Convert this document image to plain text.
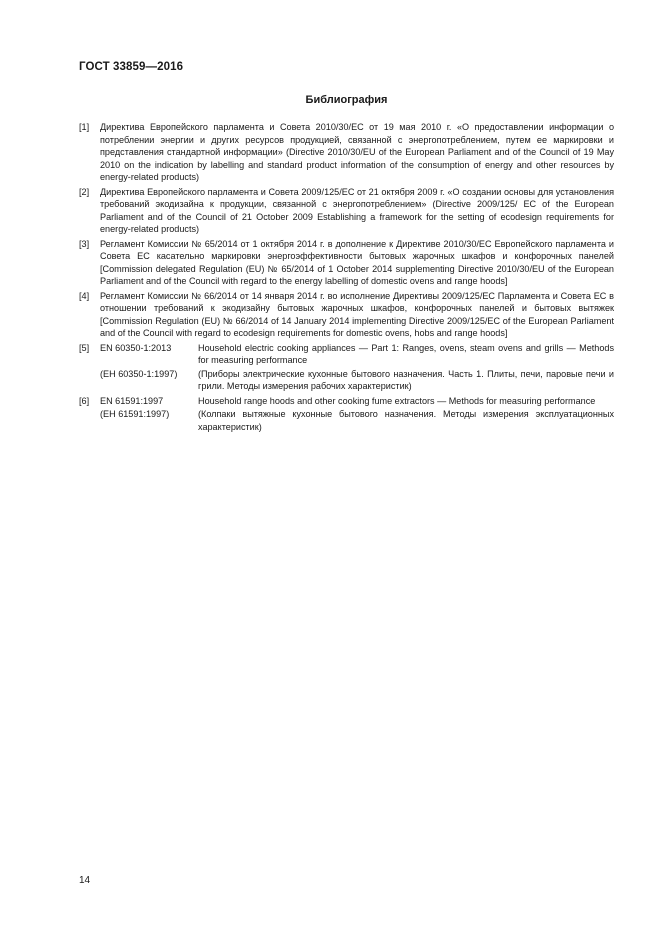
ГОСТ 33859—2016
Библиография
[1]	Директива Европейского парламента и Совета 2010/30/ЕС от 19 мая 2010 г. «О предоставлении информации о потреблении энергии и других ресурсов продукцией, связанной с энергопотреблением, путем ее маркировки и представления стандартной информации» (Directive 2010/30/EU of the European Parliament and of the Council of 19 May 2010 on the indication by labelling and standard product information of the consumption of energy and other resources by energy-related products)
[2]	Директива Европейского парламента и Совета 2009/125/ЕС от 21 октября 2009 г. «О создании основы для установления требований экодизайна к продукции, связанной с энергопотреблением» (Directive 2009/125/ EC of the European Parliament and of the Council of 21 October 2009 Establishing a framework for the setting of ecodesign requirements for energy-related products)
[3]	Регламент Комиссии № 65/2014 от 1 октября 2014 г. в дополнение к Директиве 2010/30/ЕС Европейского парламента и Совета ЕС касательно маркировки энергоэффективности бытовых жарочных шкафов и конфорочных панелей [Commission delegated Regulation (EU) № 65/2014 of 1 October 2014 supplementing Directive 2010/30/EU of the European Parliament and of the Council with regard to the energy labelling of domestic ovens and range hoods]
[4]	Регламент Комиссии № 66/2014 от 14 января 2014 г. во исполнение Директивы 2009/125/ЕС Парламента и Совета ЕС в отношении требований к экодизайну бытовых жарочных шкафов, конфорочных панелей и бытовых вытяжек [Commission Regulation (EU) № 66/2014 of 14 January 2014 implementing Directive 2009/125/EC of the European Parliament and of the Council with regard to ecodesign requirements for domestic ovens, hobs and range hoods]
[5]	EN 60350-1:2013	Household electric cooking appliances — Part 1: Ranges, ovens, steam ovens and grills — Methods for measuring performance
(EH 60350-1:1997)	(Приборы электрические кухонные бытового назначения. Часть 1. Плиты, печи, паровые печи и грили. Методы измерения рабочих характеристик)
[6]	EN 61591:1997	Household range hoods and other cooking fume extractors — Methods for measuring performance
(EH 61591:1997)	(Колпаки вытяжные кухонные бытового назначения. Методы измерения эксплуатационных характеристик)
14
